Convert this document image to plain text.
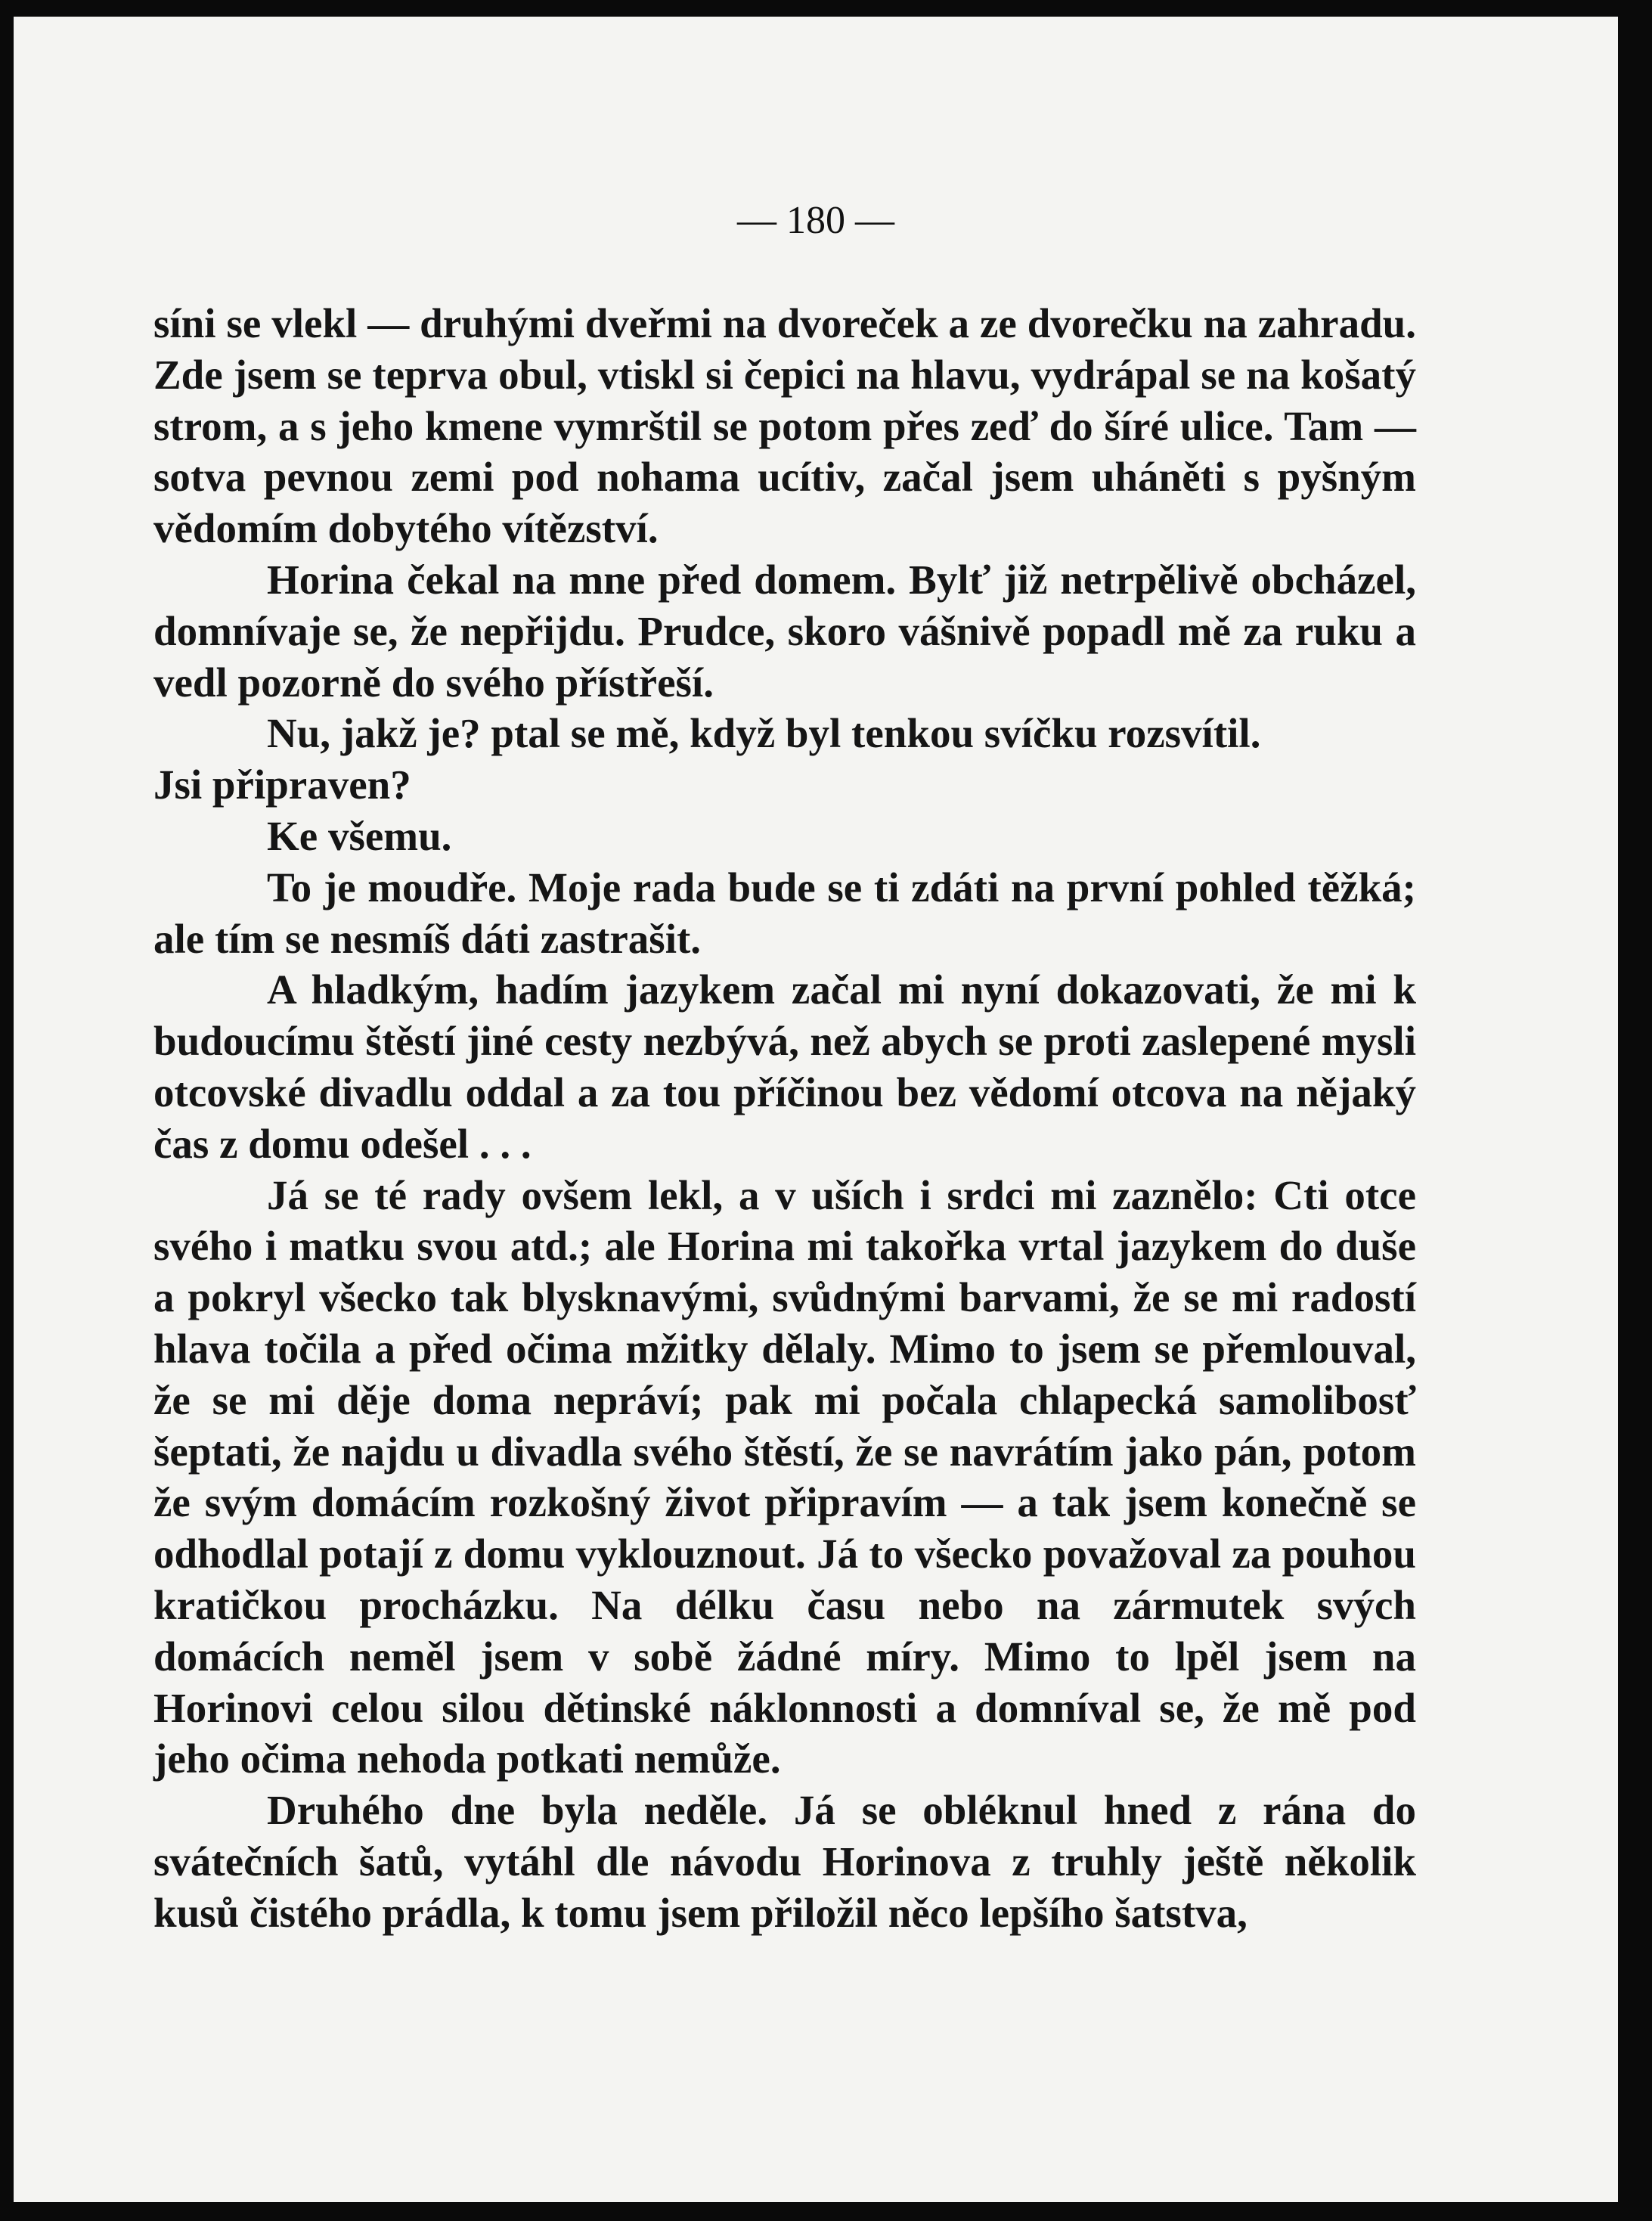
— 180 —

síni se vlekl — druhými dveřmi na dvoreček a ze dvorečku na zahradu. Zde jsem se teprva obul, vtiskl si čepici na hlavu, vydrápal se na košatý strom, a s jeho kmene vymrštil se potom přes zeď do šíré ulice. Tam — sotva pevnou zemi pod nohama ucítiv, začal jsem uháněti s pyšným vědomím dobytého vítězství.

Horina čekal na mne před domem. Bylť již netrpělivě obcházel, domnívaje se, že nepřijdu. Prudce, skoro vášnivě popadl mě za ruku a vedl pozorně do svého přístřeší.

Nu, jakž je? ptal se mě, když byl tenkou svíčku rozsvítil.
Jsi připraven?

Ke všemu.

To je moudře. Moje rada bude se ti zdáti na první pohled těžká; ale tím se nesmíš dáti zastrašit.

A hladkým, hadím jazykem začal mi nyní dokazovati, že mi k budoucímu štěstí jiné cesty nezbývá, než abych se proti zaslepené mysli otcovské divadlu oddal a za tou příčinou bez vědomí otcova na nějaký čas z domu odešel . . .

Já se té rady ovšem lekl, a v uších i srdci mi zaznělo: Cti otce svého i matku svou atd.; ale Horina mi takořka vrtal jazykem do duše a pokryl všecko tak blysknavými, svůdnými barvami, že se mi radostí hlava točila a před očima mžitky dělaly. Mimo to jsem se přemlouval, že se mi děje doma nepráví; pak mi počala chlapecká samolibosť šeptati, že najdu u divadla svého štěstí, že se navrátím jako pán, potom že svým domácím rozkošný život připravím — a tak jsem konečně se odhodlal potají z domu vyklouznout. Já to všecko považoval za pouhou kratičkou procházku. Na délku času nebo na zármutek svých domácích neměl jsem v sobě žádné míry. Mimo to lpěl jsem na Horinovi celou silou dětinské náklonnosti a domníval se, že mě pod jeho očima nehoda potkati nemůže.

Druhého dne byla neděle. Já se obléknul hned z rána do svátečních šatů, vytáhl dle návodu Horinova z truhly ještě několik kusů čistého prádla, k tomu jsem přiložil něco lepšího šatstva,
